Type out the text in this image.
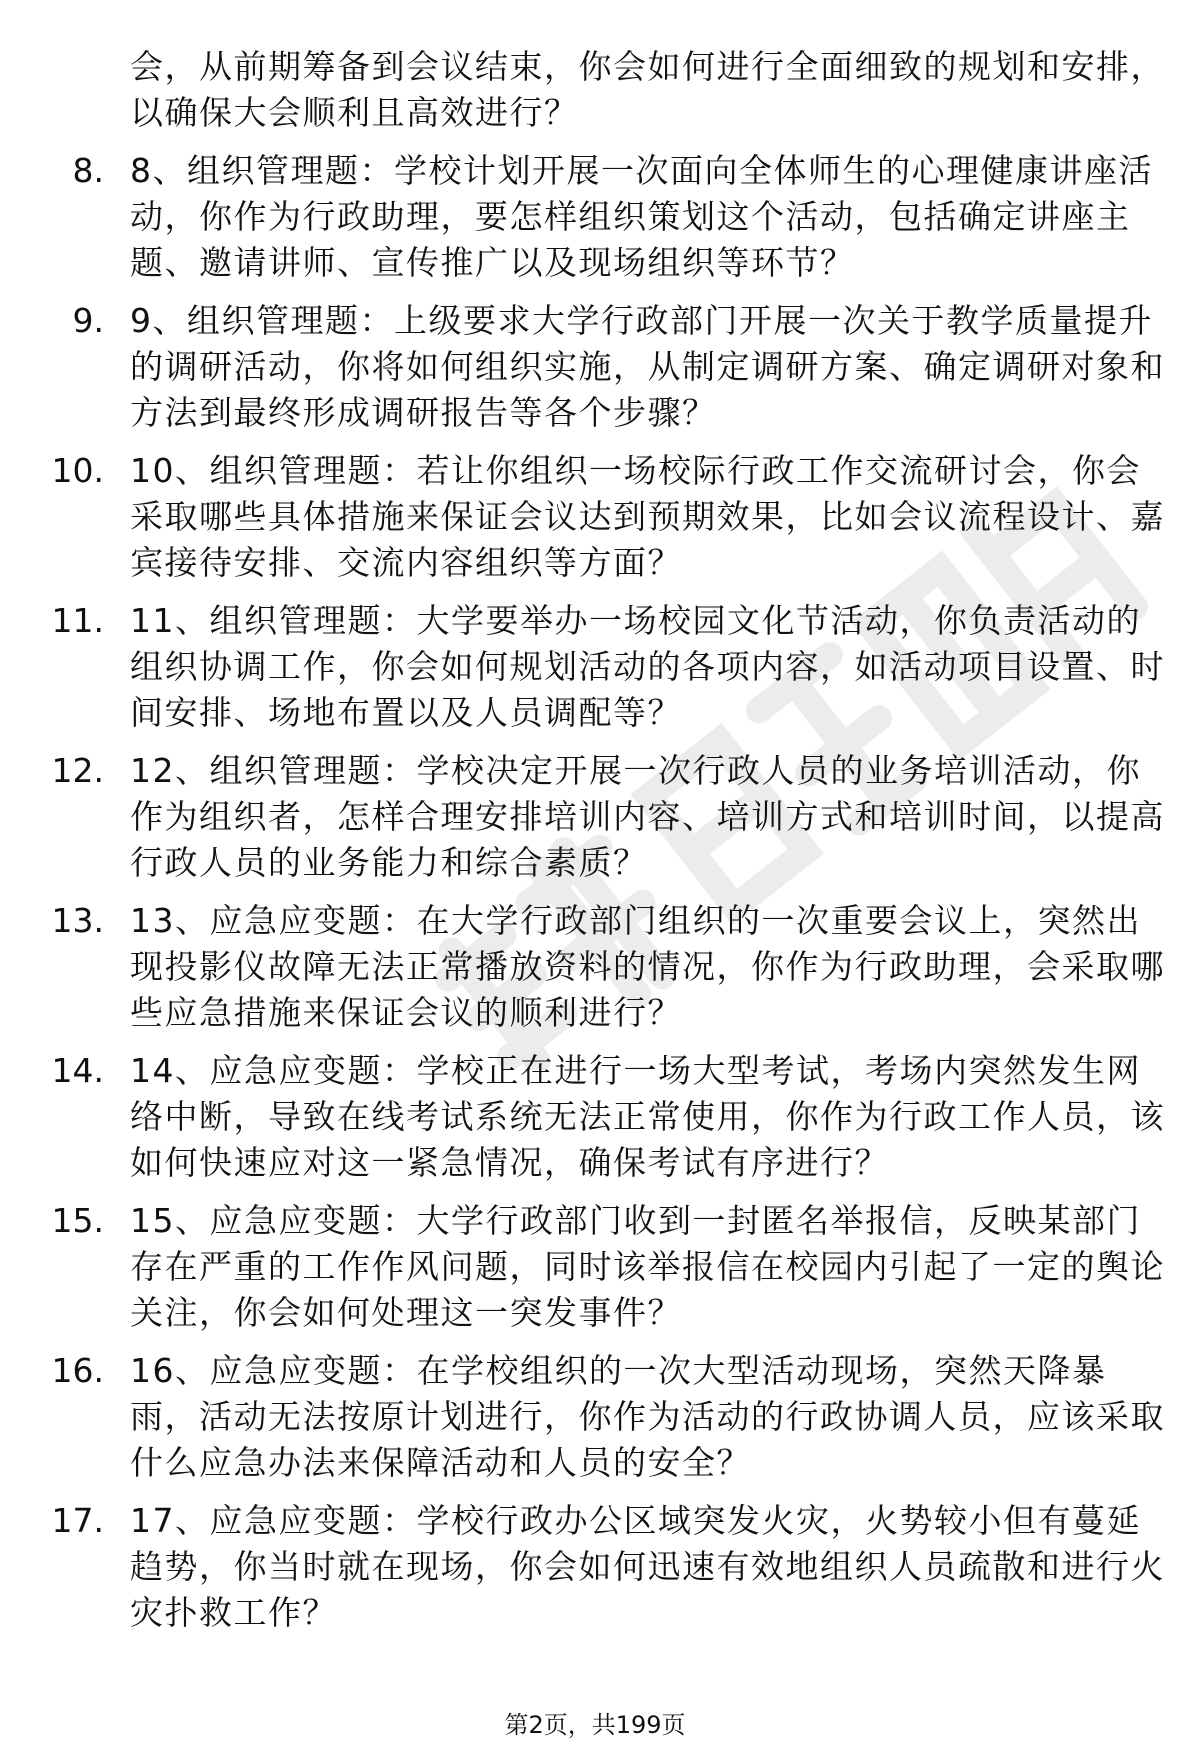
会，从前期筹备到会议结束，你会如何进行全面细致的规划和安排，以确保大会顺利且高效进行？
8. 8、组织管理题：学校计划开展一次面向全体师生的心理健康讲座活动，你作为行政助理，要怎样组织策划这个活动，包括确定讲座主题、邀请讲师、宣传推广以及现场组织等环节？
9. 9、组织管理题：上级要求大学行政部门开展一次关于教学质量提升的调研活动，你将如何组织实施，从制定调研方案、确定调研对象和方法到最终形成调研报告等各个步骤？
10. 10、组织管理题：若让你组织一场校际行政工作交流研讨会，你会采取哪些具体措施来保证会议达到预期效果，比如会议流程设计、嘉宾接待安排、交流内容组织等方面？
11. 11、组织管理题：大学要举办一场校园文化节活动，你负责活动的组织协调工作，你会如何规划活动的各项内容，如活动项目设置、时间安排、场地布置以及人员调配等？
12. 12、组织管理题：学校决定开展一次行政人员的业务培训活动，你作为组织者，怎样合理安排培训内容、培训方式和培训时间，以提高行政人员的业务能力和综合素质？
13. 13、应急应变题：在大学行政部门组织的一次重要会议上，突然出现投影仪故障无法正常播放资料的情况，你作为行政助理，会采取哪些应急措施来保证会议的顺利进行？
14. 14、应急应变题：学校正在进行一场大型考试，考场内突然发生网络中断，导致在线考试系统无法正常使用，你作为行政工作人员，该如何快速应对这一紧急情况，确保考试有序进行？
15. 15、应急应变题：大学行政部门收到一封匿名举报信，反映某部门存在严重的工作作风问题，同时该举报信在校园内引起了一定的舆论关注，你会如何处理这一突发事件？
16. 16、应急应变题：在学校组织的一次大型活动现场，突然天降暴雨，活动无法按原计划进行，你作为活动的行政协调人员，应该采取什么应急办法来保障活动和人员的安全？
17. 17、应急应变题：学校行政办公区域突发火灾，火势较小但有蔓延趋势，你当时就在现场，你会如何迅速有效地组织人员疏散和进行火灾扑救工作？
第2页，共199页
